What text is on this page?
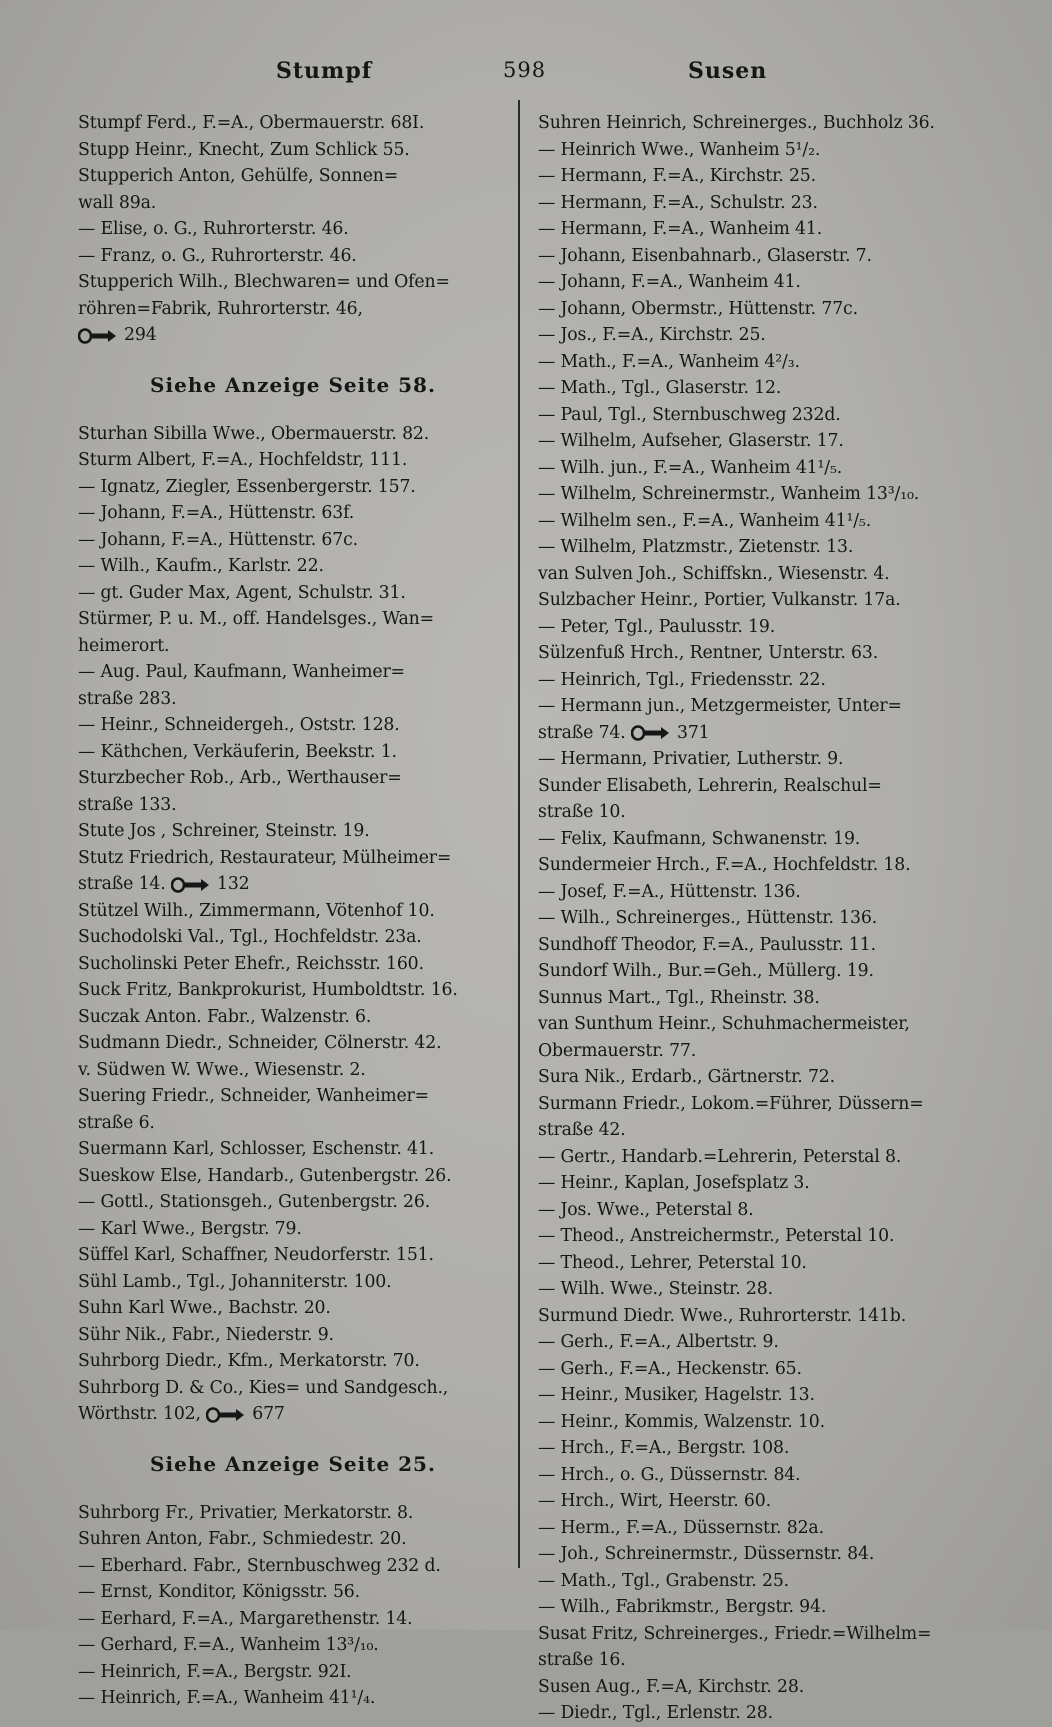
Stumpf	598	Susen
Stumpf Ferd., F.=A., Obermauerstr. 68I.
Stupp Heinr., Knecht, Zum Schlick 55.
Stupperich Anton, Gehülfe, Sonnen=
wall 89a.
— Elise, o. G., Ruhrorterstr. 46.
— Franz, o. G., Ruhrorterstr. 46.
Stupperich Wilh., Blechwaren= und Ofen=
röhren=Fabrik, Ruhrorterstr. 46,
294
Siehe Anzeige Seite 58.
Sturhan Sibilla Wwe., Obermauerstr. 82.
Sturm Albert, F.=A., Hochfeldstr, 111.
— Ignatz, Ziegler, Essenbergerstr. 157.
— Johann, F.=A., Hüttenstr. 63f.
— Johann, F.=A., Hüttenstr. 67c.
— Wilh., Kaufm., Karlstr. 22.
— gt. Guder Max, Agent, Schulstr. 31.
Stürmer, P. u. M., off. Handelsges., Wan=
heimerort.
— Aug. Paul, Kaufmann, Wanheimer=
straße 283.
— Heinr., Schneidergeh., Oststr. 128.
— Käthchen, Verkäuferin, Beekstr. 1.
Sturzbecher Rob., Arb., Werthauser=
straße 133.
Stute Jos , Schreiner, Steinstr. 19.
Stutz Friedrich, Restaurateur, Mülheimer=
straße 14.	132
Stützel Wilh., Zimmermann, Vötenhof 10.
Suchodolski Val., Tgl., Hochfeldstr. 23a.
Sucholinski Peter Ehefr., Reichsstr. 160.
Suck Fritz, Bankprokurist, Humboldtstr. 16.
Suczak Anton. Fabr., Walzenstr. 6.
Sudmann Diedr., Schneider, Cölnerstr. 42.
v. Südwen W. Wwe., Wiesenstr. 2.
Suering Friedr., Schneider, Wanheimer=
straße 6.
Suermann Karl, Schlosser, Eschenstr. 41.
Sueskow Else, Handarb., Gutenbergstr. 26.
— Gottl., Stationsgeh., Gutenbergstr. 26.
— Karl Wwe., Bergstr. 79.
Süffel Karl, Schaffner, Neudorferstr. 151.
Sühl Lamb., Tgl., Johanniterstr. 100.
Suhn Karl Wwe., Bachstr. 20.
Sühr Nik., Fabr., Niederstr. 9.
Suhrborg Diedr., Kfm., Merkatorstr. 70.
Suhrborg D. & Co., Kies= und Sandgesch.,
Wörthstr. 102,	677
Siehe Anzeige Seite 25.
Suhrborg Fr., Privatier, Merkatorstr. 8.
Suhren Anton, Fabr., Schmiedestr. 20.
— Eberhard. Fabr., Sternbuschweg 232 d.
— Ernst, Konditor, Königsstr. 56.
— Eerhard, F.=A., Margarethenstr. 14.
— Gerhard, F.=A., Wanheim 13³/₁₀.
— Heinrich, F.=A., Bergstr. 92I.
— Heinrich, F.=A., Wanheim 41¹/₄.
Suhren Heinrich, Schreinerges., Buchholz 36.
— Heinrich Wwe., Wanheim 5¹/₂.
— Hermann, F.=A., Kirchstr. 25.
— Hermann, F.=A., Schulstr. 23.
— Hermann, F.=A., Wanheim 41.
— Johann, Eisenbahnarb., Glaserstr. 7.
— Johann, F.=A., Wanheim 41.
— Johann, Obermstr., Hüttenstr. 77c.
— Jos., F.=A., Kirchstr. 25.
— Math., F.=A., Wanheim 4²/₃.
— Math., Tgl., Glaserstr. 12.
— Paul, Tgl., Sternbuschweg 232d.
— Wilhelm, Aufseher, Glaserstr. 17.
— Wilh. jun., F.=A., Wanheim 41¹/₅.
— Wilhelm, Schreinermstr., Wanheim 13³/₁₀.
— Wilhelm sen., F.=A., Wanheim 41¹/₅.
— Wilhelm, Platzmstr., Zietenstr. 13.
van Sulven Joh., Schiffskn., Wiesenstr. 4.
Sulzbacher Heinr., Portier, Vulkanstr. 17a.
— Peter, Tgl., Paulusstr. 19.
Sülzenfuß Hrch., Rentner, Unterstr. 63.
— Heinrich, Tgl., Friedensstr. 22.
— Hermann jun., Metzgermeister, Unter=
straße 74.	371
— Hermann, Privatier, Lutherstr. 9.
Sunder Elisabeth, Lehrerin, Realschul=
straße 10.
— Felix, Kaufmann, Schwanenstr. 19.
Sundermeier Hrch., F.=A., Hochfeldstr. 18.
— Josef, F.=A., Hüttenstr. 136.
— Wilh., Schreinerges., Hüttenstr. 136.
Sundhoff Theodor, F.=A., Paulusstr. 11.
Sundorf Wilh., Bur.=Geh., Müllerg. 19.
Sunnus Mart., Tgl., Rheinstr. 38.
van Sunthum Heinr., Schuhmachermeister,
Obermauerstr. 77.
Sura Nik., Erdarb., Gärtnerstr. 72.
Surmann Friedr., Lokom.=Führer, Düssern=
straße 42.
— Gertr., Handarb.=Lehrerin, Peterstal 8.
— Heinr., Kaplan, Josefsplatz 3.
— Jos. Wwe., Peterstal 8.
— Theod., Anstreichermstr., Peterstal 10.
— Theod., Lehrer, Peterstal 10.
— Wilh. Wwe., Steinstr. 28.
Surmund Diedr. Wwe., Ruhrorterstr. 141b.
— Gerh., F.=A., Albertstr. 9.
— Gerh., F.=A., Heckenstr. 65.
— Heinr., Musiker, Hagelstr. 13.
— Heinr., Kommis, Walzenstr. 10.
— Hrch., F.=A., Bergstr. 108.
— Hrch., o. G., Düssernstr. 84.
— Hrch., Wirt, Heerstr. 60.
— Herm., F.=A., Düssernstr. 82a.
— Joh., Schreinermstr., Düssernstr. 84.
— Math., Tgl., Grabenstr. 25.
— Wilh., Fabrikmstr., Bergstr. 94.
Susat Fritz, Schreinerges., Friedr.=Wilhelm=
straße 16.
Susen Aug., F.=A, Kirchstr. 28.
— Diedr., Tgl., Erlenstr. 28.
